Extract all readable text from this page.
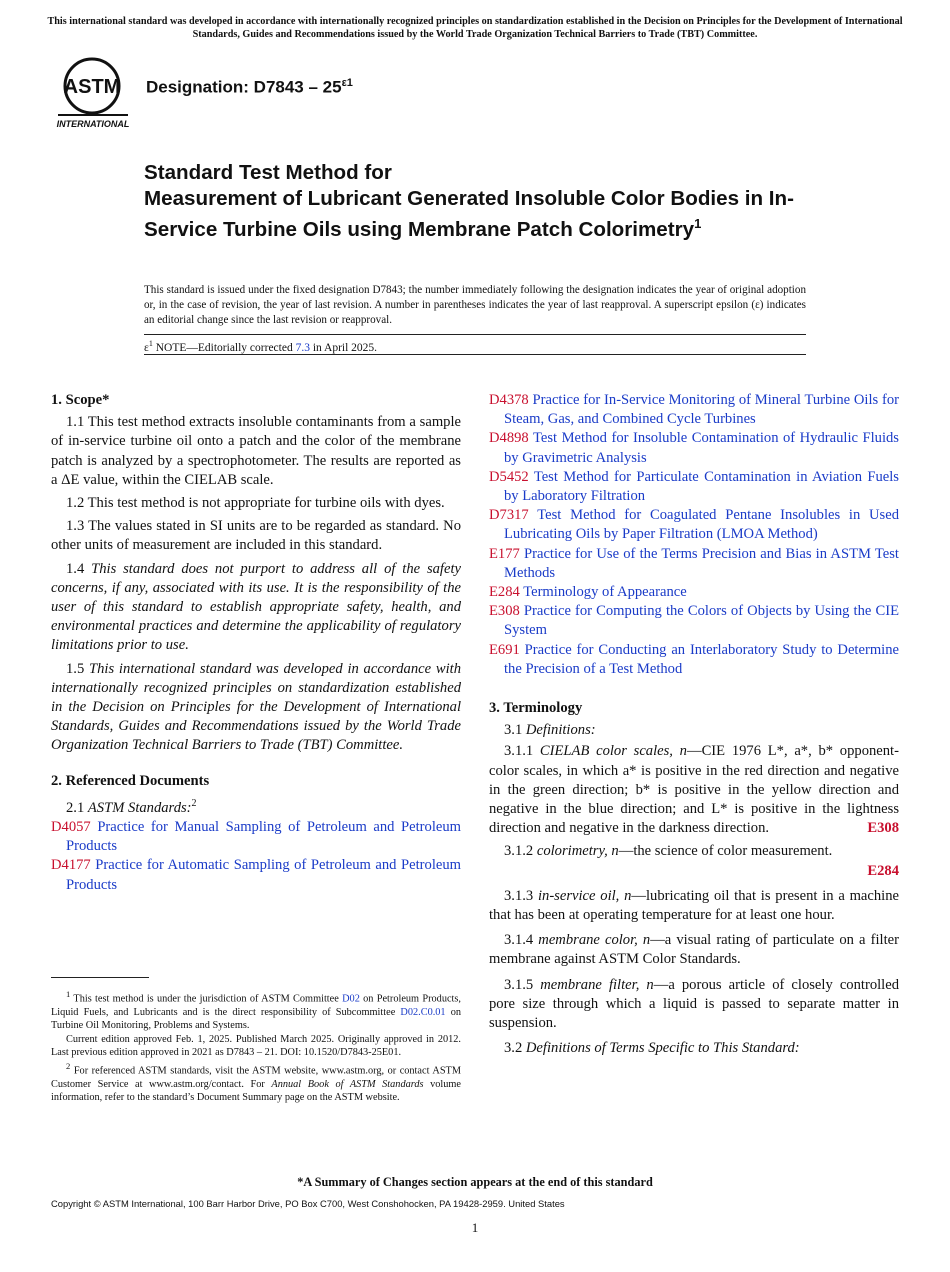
This international standard was developed in accordance with internationally recognized principles on standardization established in the Decision on Principles for the Development of International Standards, Guides and Recommendations issued by the World Trade Organization Technical Barriers to Trade (TBT) Committee.
ASTM
INTERNATIONAL
Designation: $D7843 - 25^{\varepsilon 1}$
Standard Test Method for
Measurement of Lubricant Generated Insoluble Color Bodies in In-Service Turbine Oils using Membrane Patch Colorimetry$^1$
This standard is issued under the fixed designation D7843; the number immediately following the designation indicates the year of original adoption or, in the case of revision, the year of last revision. A number in parentheses indicates the year of last reapproval. A superscript epsilon (ε) indicates an editorial change since the last revision or reapproval.
$\varepsilon^1$ NOTE—Editorially corrected 7.3 in April 2025.
1. Scope*

1.1 This test method extracts insoluble contaminants from a sample of in-service turbine oil onto a patch and the color of the membrane patch is analyzed by a spectrophotometer. The results are reported as a ΔE value, within the CIELAB scale.

1.2 This test method is not appropriate for turbine oils with dyes.

1.3 The values stated in SI units are to be regarded as standard. No other units of measurement are included in this standard.

1.4 This standard does not purport to address all of the safety concerns, if any, associated with its use. It is the responsibility of the user of this standard to establish appropriate safety, health, and environmental practices and determine the applicability of regulatory limitations prior to use.

1.5 This international standard was developed in accordance with internationally recognized principles on standardization established in the Decision on Principles for the Development of International Standards, Guides and Recommendations issued by the World Trade Organization Technical Barriers to Trade (TBT) Committee.

2. Referenced Documents

2.1 ASTM Standards:$^2$

D4057 Practice for Manual Sampling of Petroleum and Petroleum Products
D4177 Practice for Automatic Sampling of Petroleum and Petroleum Products

$^1$ This test method is under the jurisdiction of ASTM Committee D02 on Petroleum Products, Liquid Fuels, and Lubricants and is the direct responsibility of Subcommittee D02.C0.01 on Turbine Oil Monitoring, Problems and Systems.

Current edition approved Feb. 1, 2025. Published March 2025. Originally approved in 2012. Last previous edition approved in 2021 as D7843 – 21. DOI: 10.1520/D7843-25E01.

$^2$ For referenced ASTM standards, visit the ASTM website, www.astm.org, or contact ASTM Customer Service at www.astm.org/contact. For Annual Book of ASTM Standards volume information, refer to the standard’s Document Summary page on the ASTM website.

D4378 Practice for In-Service Monitoring of Mineral Turbine Oils for Steam, Gas, and Combined Cycle Turbines
D4898 Test Method for Insoluble Contamination of Hydraulic Fluids by Gravimetric Analysis
D5452 Test Method for Particulate Contamination in Aviation Fuels by Laboratory Filtration
D7317 Test Method for Coagulated Pentane Insolubles in Used Lubricating Oils by Paper Filtration (LMOA Method)
E177 Practice for Use of the Terms Precision and Bias in ASTM Test Methods
E284 Terminology of Appearance
E308 Practice for Computing the Colors of Objects by Using the CIE System
E691 Practice for Conducting an Interlaboratory Study to Determine the Precision of a Test Method
3. Terminology

3.1 Definitions:

3.1.1 CIELAB color scales, n—CIE 1976 L*, a*, b* opponent-color scales, in which a* is positive in the red direction and negative in the green direction; b* is positive in the yellow direction and negative in the blue direction; and L* is positive in the lightness direction and negative in the darkness direction.	E308

3.1.2 colorimetry, n—the science of color measurement.

E284

3.1.3 in-service oil, n—lubricating oil that is present in a machine that has been at operating temperature for at least one hour.

3.1.4 membrane color, n—a visual rating of particulate on a filter membrane against ASTM Color Standards.

3.1.5 membrane filter, n—a porous article of closely controlled pore size through which a liquid is passed to separate matter in suspension.

3.2 Definitions of Terms Specific to This Standard:

*A Summary of Changes section appears at the end of this standard
Copyright © ASTM International, 100 Barr Harbor Drive, PO Box C700, West Conshohocken, PA 19428-2959. United States
1
